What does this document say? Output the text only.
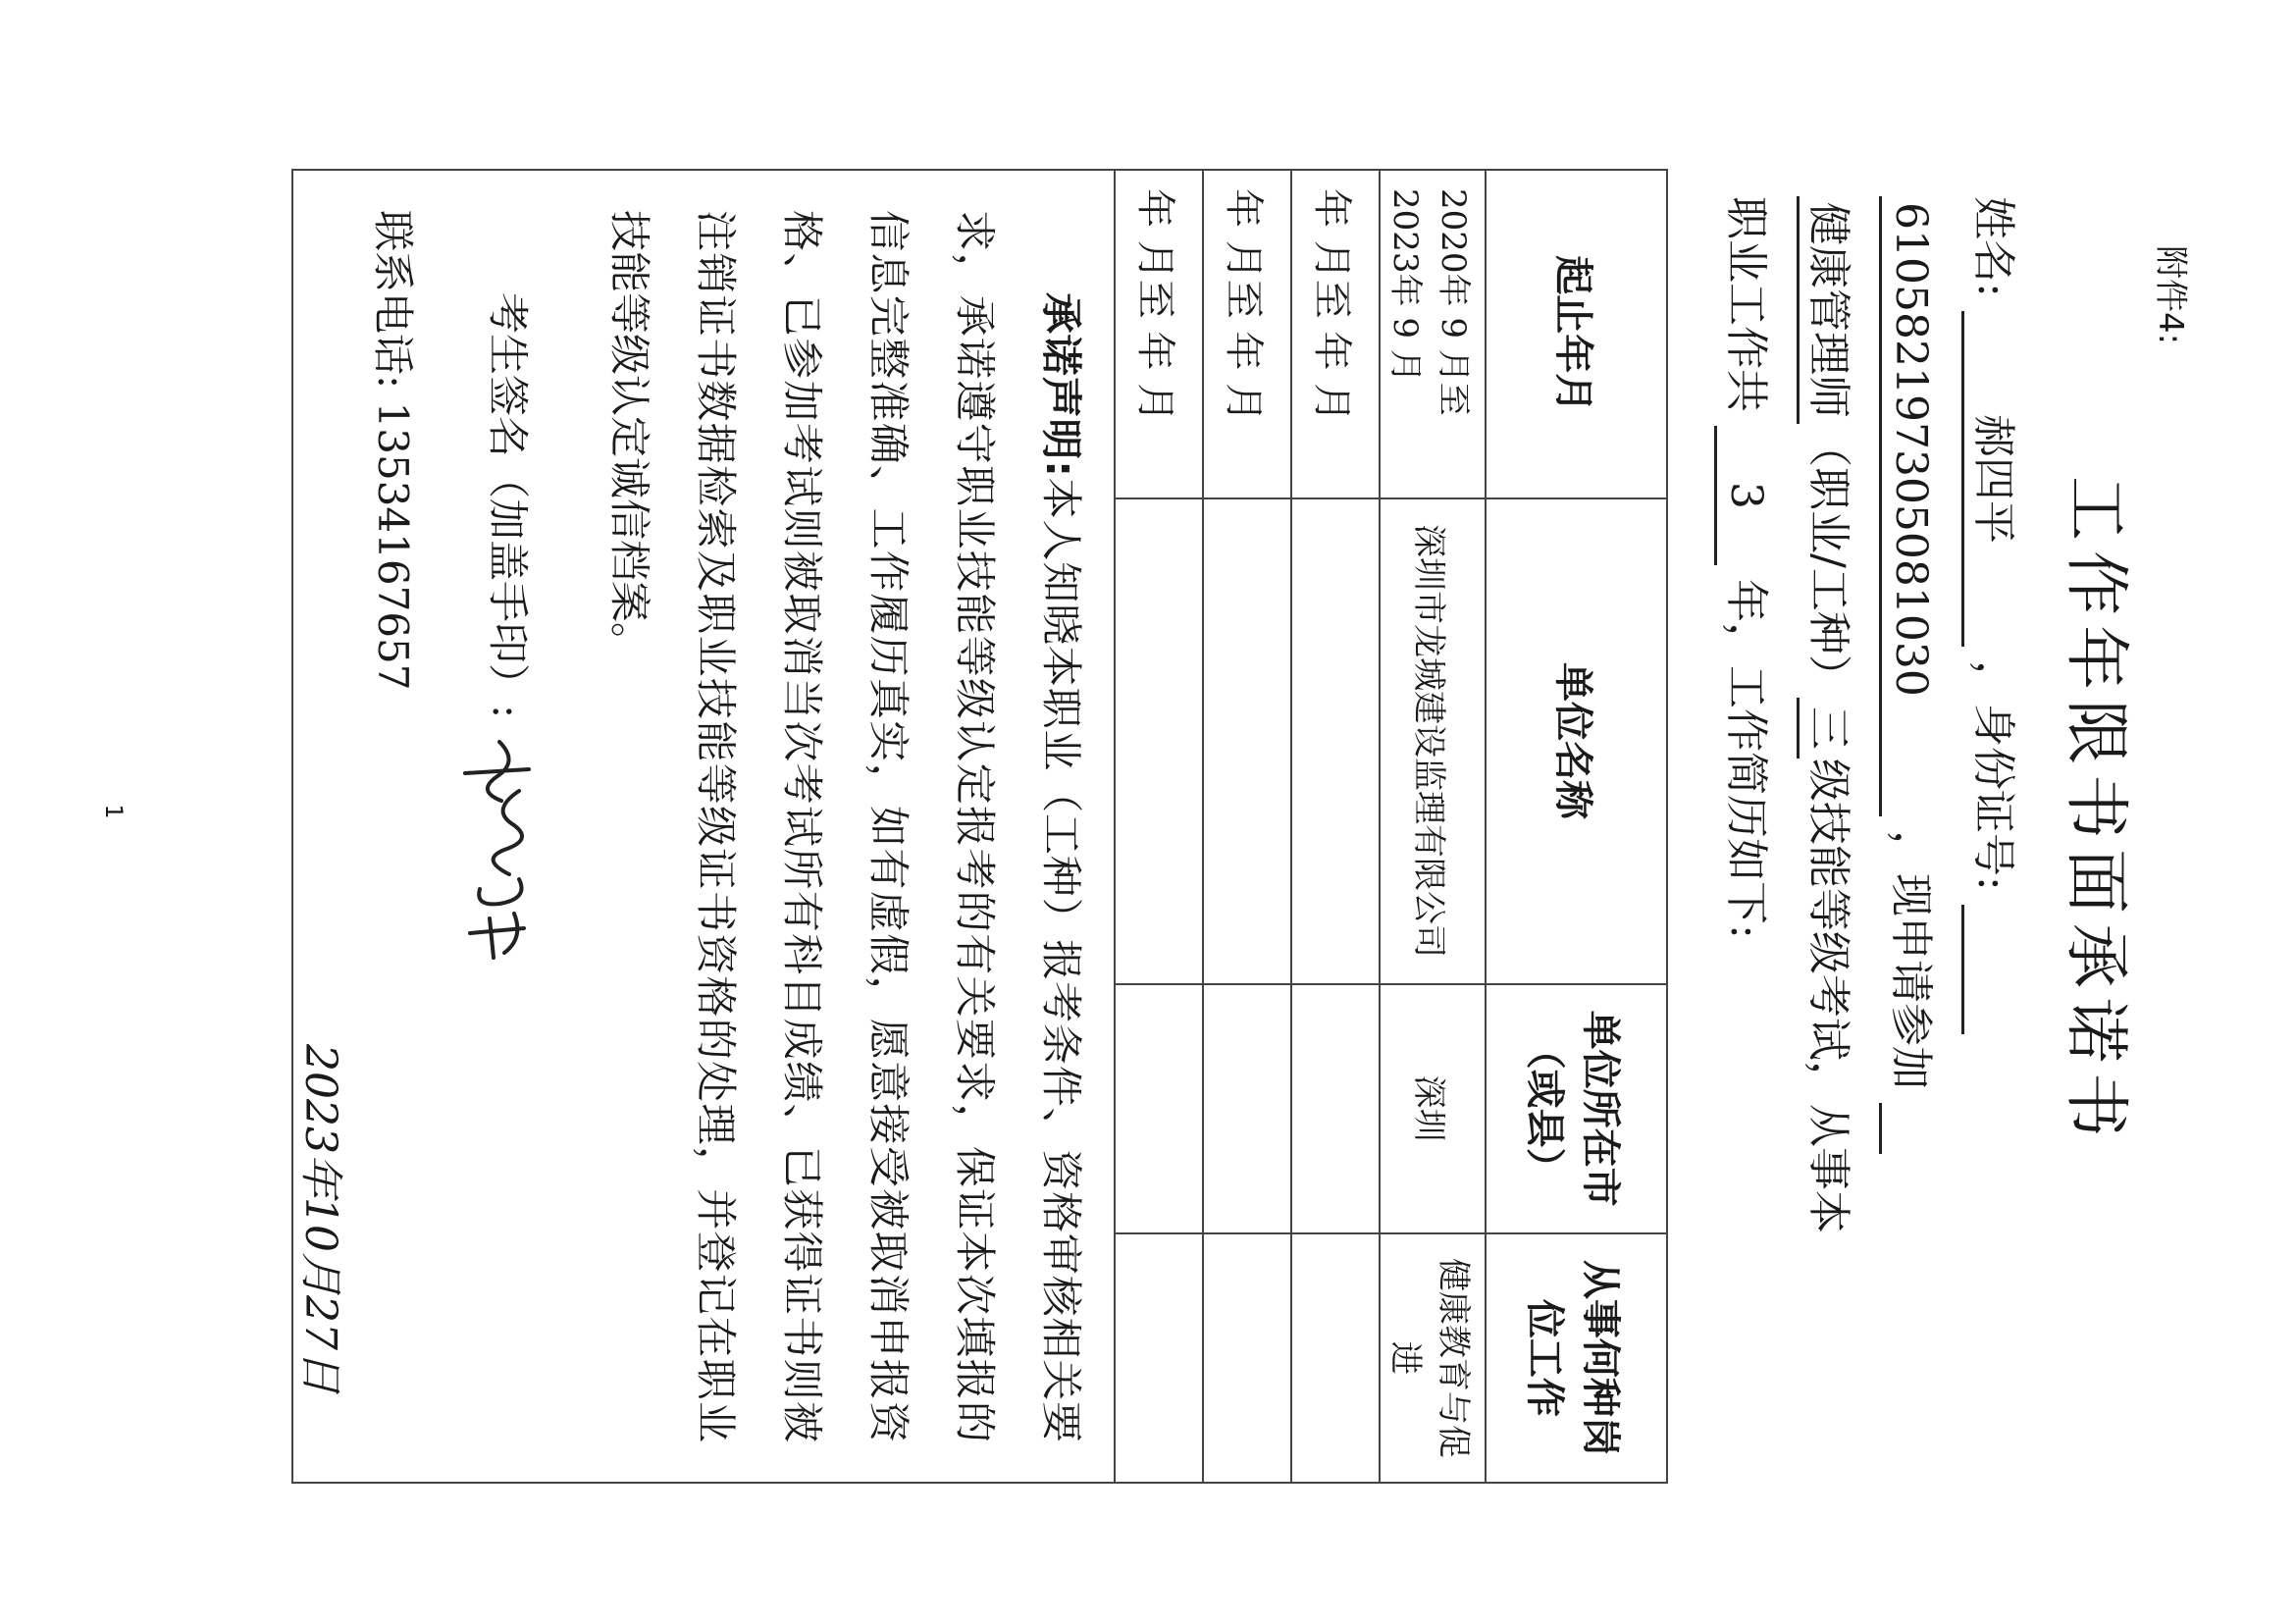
附件4:
工作年限书面承诺书
姓名: 郝四平 ，身份证号:
610582197305081030 ，现申请参加
健康管理师（职业/工种）三级技能等级考试，从事本
职业工作共 3 年，工作简历如下:
起止年月	单位名称	单位所在市（或县）	从事何种岗位工作
2020年 9 月至2023年 9 月	深圳市龙城建设监理有限公司	深圳	健康教育与促进
年 月至 年 月			
年 月至 年 月			
年 月至 年 月			

承诺声明:本人知晓本职业（工种）报考条件、资格审核相关要求，承诺遵守职业技能等级认定报考的有关要求，保证本次填报的信息完整准确、工作履历真实，如有虚假，愿意接受被取消申报资格、已参加考试则被取消当次考试所有科目成绩、已获得证书则被注销证书数据检索及职业技能等级证书资格的处理，并登记在职业技能等级认定诚信档案。

考生签名（加盖手印）:
联系电话: 13534167657
2023年10月27日			
1
